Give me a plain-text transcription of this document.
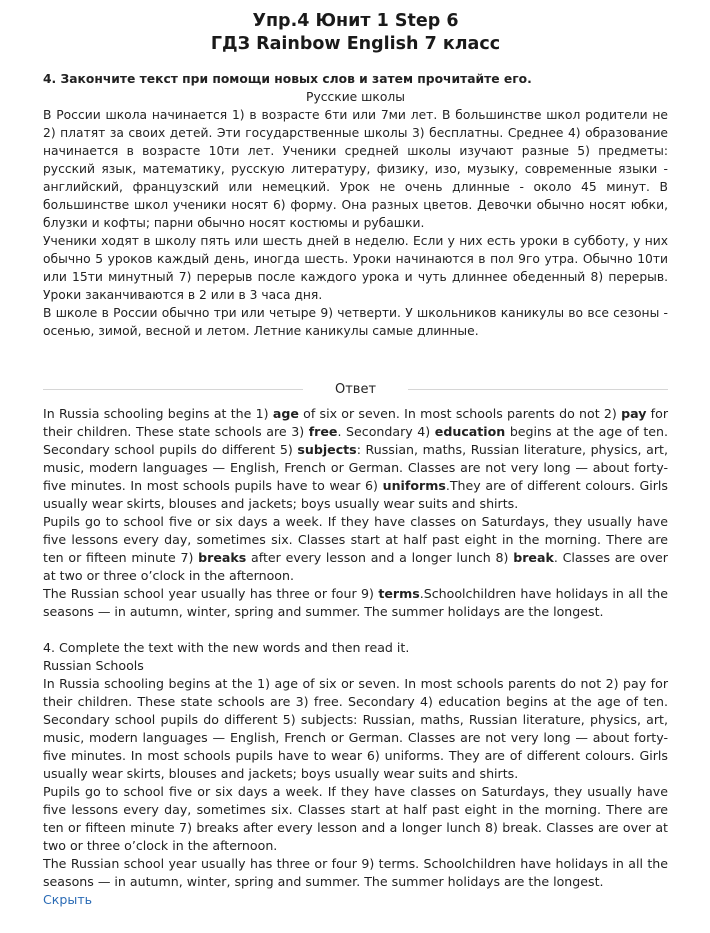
Упр.4 Юнит 1 Step 6
ГДЗ Rainbow English 7 класс
4. Закончите текст при помощи новых слов и затем прочитайте его.
Русские школы

В России школа начинается 1) в возрасте 6ти или 7ми лет. В большинстве школ родители не 2) платят за своих детей. Эти государственные школы 3) бесплатны. Среднее 4) образование начинается в возрасте 10ти лет. Ученики средней школы изучают разные 5) предметы: русский язык, математику, русскую литературу, физику, изо, музыку, современные языки - английский, французский или немецкий. Урок не очень длинные - около 45 минут. В большинстве школ ученики носят 6) форму. Она разных цветов. Девочки обычно носят юбки, блузки и кофты; парни обычно носят костюмы и рубашки.

Ученики ходят в школу пять или шесть дней в неделю. Если у них есть уроки в субботу, у них обычно 5 уроков каждый день, иногда шесть. Уроки начинаются в пол 9го утра. Обычно 10ти или 15ти минутный 7) перерыв после каждого урока и чуть длиннее обеденный 8) перерыв. Уроки заканчиваются в 2 или в 3 часа дня.

В школе в России обычно три или четыре 9) четверти. У школьников каникулы во все сезоны - осенью, зимой, весной и летом. Летние каникулы самые длинные.

Ответ

In Russia schooling begins at the 1) age of six or seven. In most schools parents do not 2) pay for their children. These state schools are 3) free. Secondary 4) education begins at the age of ten. Secondary school pupils do different 5) subjects: Russian, maths, Russian literature, physics, art, music, modern languages — English, French or German. Classes are not very long — about forty-five minutes. In most schools pupils have to wear 6) uniforms.They are of different colours. Girls usually wear skirts, blouses and jackets; boys usually wear suits and shirts.

Pupils go to school five or six days a week. If they have classes on Saturdays, they usually have five lessons every day, sometimes six. Classes start at half past eight in the morning. There are ten or fifteen minute 7) breaks after every lesson and a longer lunch 8) break. Classes are over at two or three o’clock in the afternoon.

The Russian school year usually has three or four 9) terms.Schoolchildren have holidays in all the seasons — in autumn, winter, spring and summer. The summer holidays are the longest.

4. Complete the text with the new words and then read it.
Russian Schools

In Russia schooling begins at the 1) age of six or seven. In most schools parents do not 2) pay for their children. These state schools are 3) free. Secondary 4) education begins at the age of ten. Secondary school pupils do different 5) subjects: Russian, maths, Russian literature, physics, art, music, modern languages — English, French or German. Classes are not very long — about forty-five minutes. In most schools pupils have to wear 6) uniforms. They are of different colours. Girls usually wear skirts, blouses and jackets; boys usually wear suits and shirts.

Pupils go to school five or six days a week. If they have classes on Saturdays, they usually have five lessons every day, sometimes six. Classes start at half past eight in the morning. There are ten or fifteen minute 7) breaks after every lesson and a longer lunch 8) break. Classes are over at two or three o’clock in the afternoon.

The Russian school year usually has three or four 9) terms. Schoolchildren have holidays in all the seasons — in autumn, winter, spring and summer. The summer holidays are the longest.

Скрыть
